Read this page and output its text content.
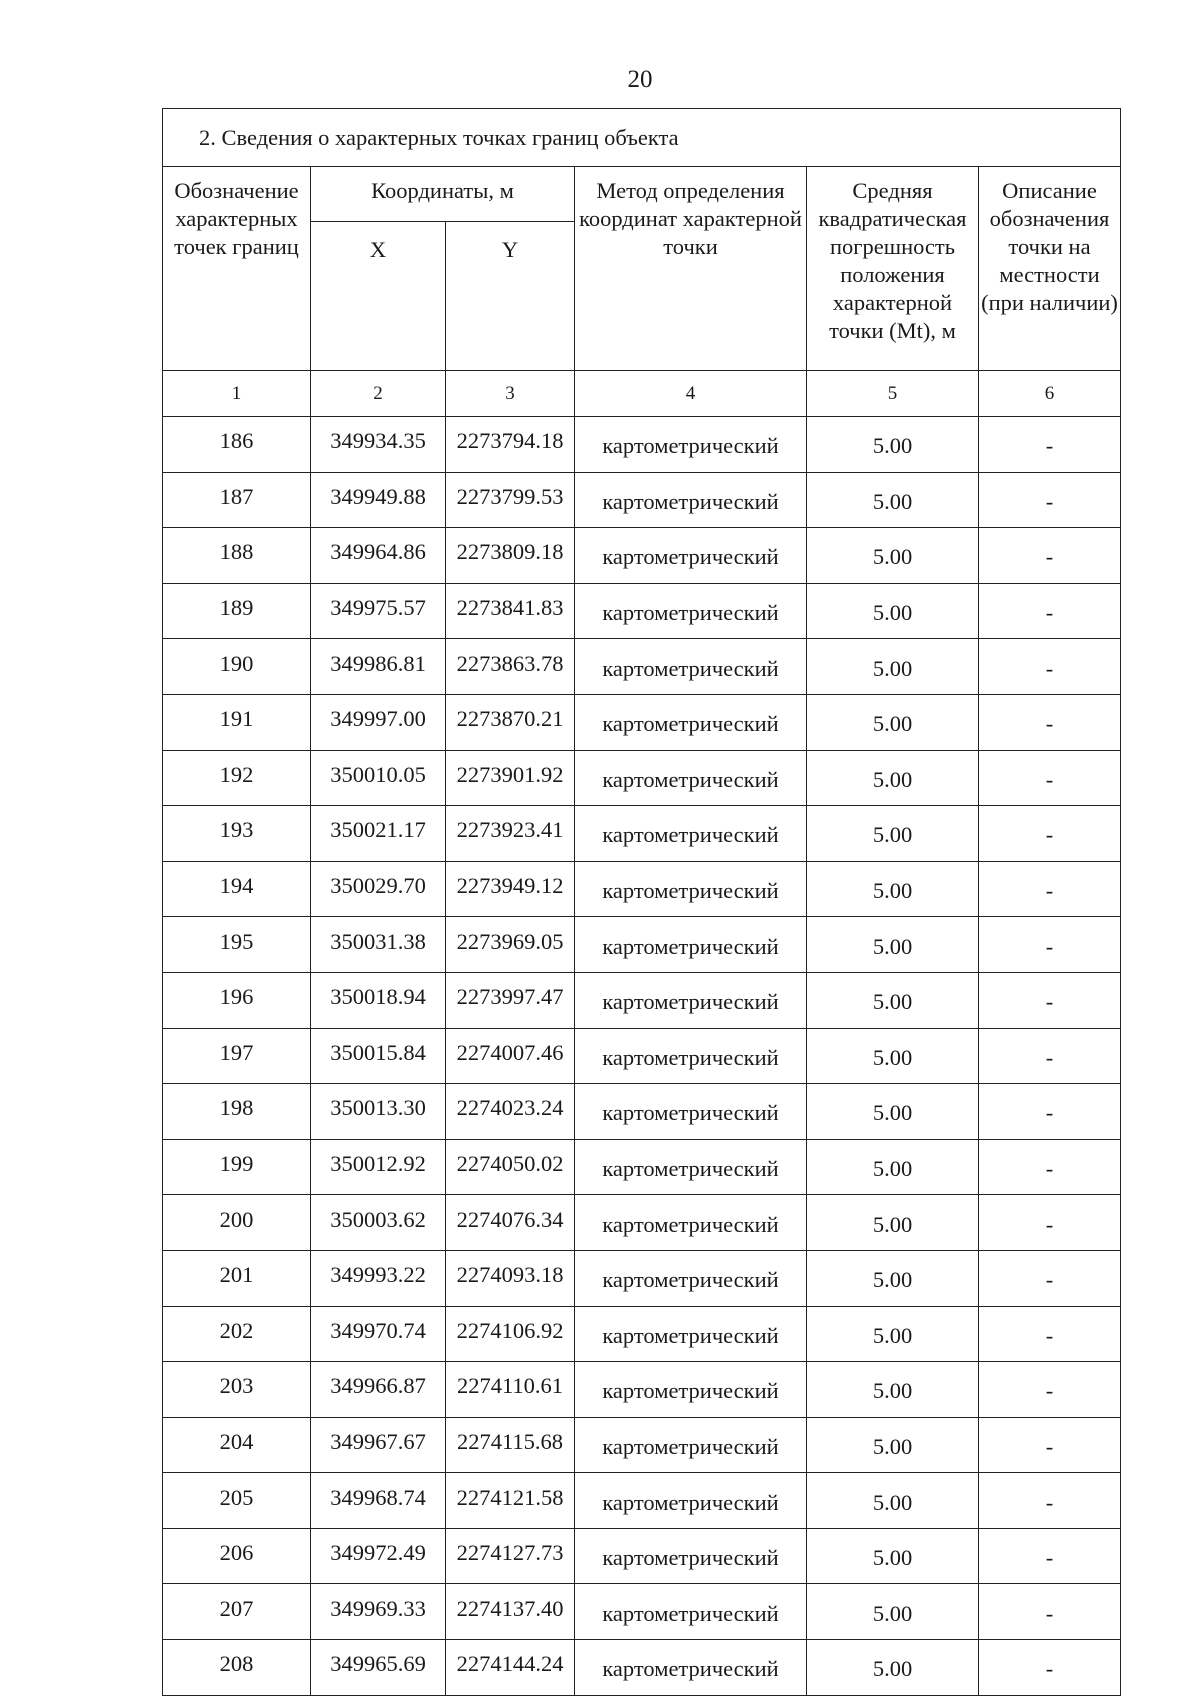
20
2. Сведения о характерных точках границ объекта					
Обозначение характерных точек границ	Координаты, м		Метод определения координат характерной точки	Средняя квадратическая погрешность положения характерной точки (Mt), м	Описание обозначения точки на местности (при наличии)
	X	Y			
1	2	3	4	5	6
186	349934.35	2273794.18	картометрический	5.00	-
187	349949.88	2273799.53	картометрический	5.00	-
188	349964.86	2273809.18	картометрический	5.00	-
189	349975.57	2273841.83	картометрический	5.00	-
190	349986.81	2273863.78	картометрический	5.00	-
191	349997.00	2273870.21	картометрический	5.00	-
192	350010.05	2273901.92	картометрический	5.00	-
193	350021.17	2273923.41	картометрический	5.00	-
194	350029.70	2273949.12	картометрический	5.00	-
195	350031.38	2273969.05	картометрический	5.00	-
196	350018.94	2273997.47	картометрический	5.00	-
197	350015.84	2274007.46	картометрический	5.00	-
198	350013.30	2274023.24	картометрический	5.00	-
199	350012.92	2274050.02	картометрический	5.00	-
200	350003.62	2274076.34	картометрический	5.00	-
201	349993.22	2274093.18	картометрический	5.00	-
202	349970.74	2274106.92	картометрический	5.00	-
203	349966.87	2274110.61	картометрический	5.00	-
204	349967.67	2274115.68	картометрический	5.00	-
205	349968.74	2274121.58	картометрический	5.00	-
206	349972.49	2274127.73	картометрический	5.00	-
207	349969.33	2274137.40	картометрический	5.00	-
208	349965.69	2274144.24	картометрический	5.00	-
